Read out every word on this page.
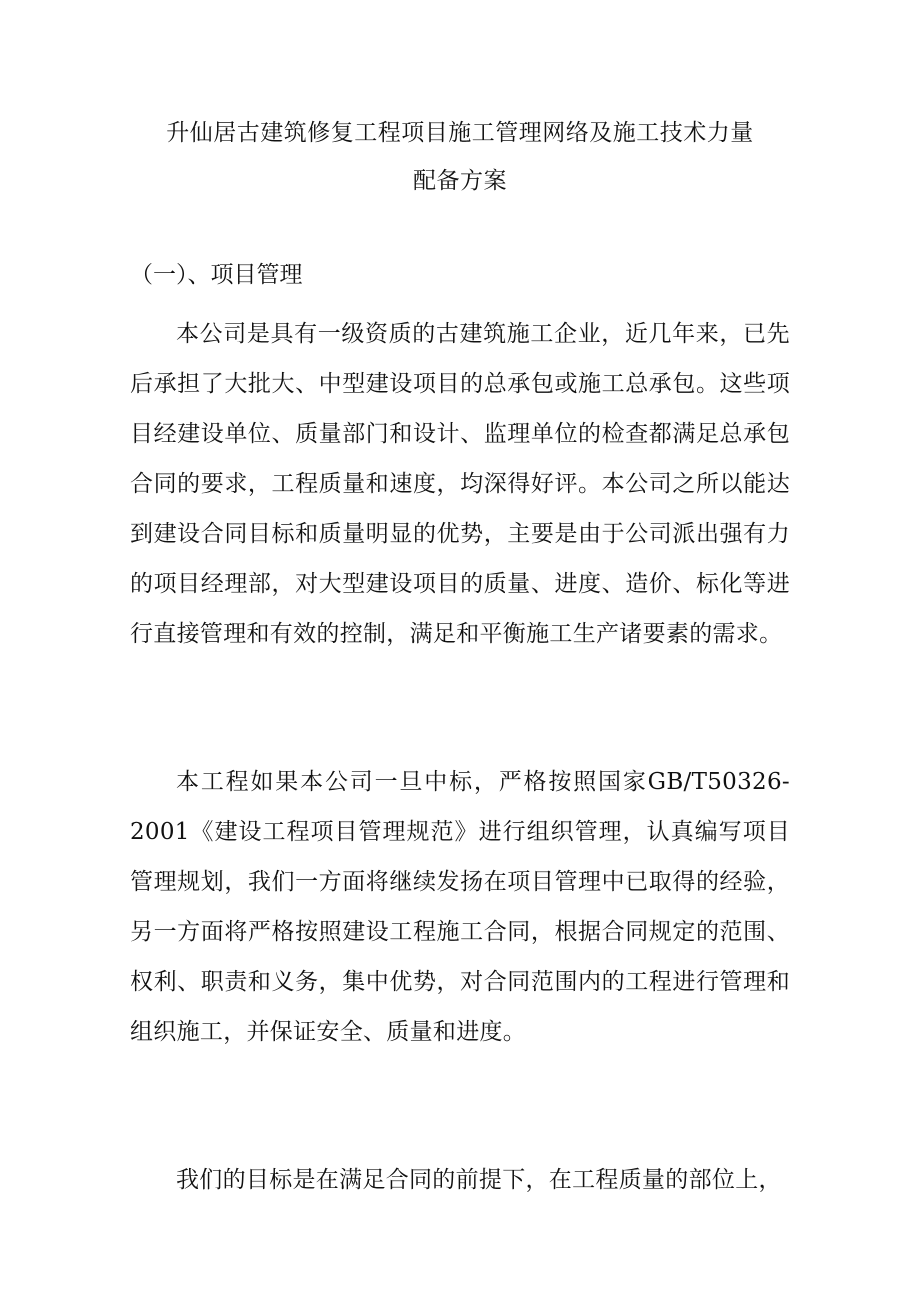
升仙居古建筑修复工程项目施工管理网络及施工技术力量
配备方案
（一）、项目管理
本公司是具有一级资质的古建筑施工企业，近几年来，已先后承担了大批大、中型建设项目的总承包或施工总承包。这些项目经建设单位、质量部门和设计、监理单位的检查都满足总承包合同的要求，工程质量和速度，均深得好评。本公司之所以能达到建设合同目标和质量明显的优势，主要是由于公司派出强有力的项目经理部，对大型建设项目的质量、进度、造价、标化等进行直接管理和有效的控制，满足和平衡施工生产诸要素的需求。
本工程如果本公司一旦中标，严格按照国家GB/T50326-2001《建设工程项目管理规范》进行组织管理，认真编写项目管理规划，我们一方面将继续发扬在项目管理中已取得的经验，另一方面将严格按照建设工程施工合同，根据合同规定的范围、权利、职责和义务，集中优势，对合同范围内的工程进行管理和组织施工，并保证安全、质量和进度。
我们的目标是在满足合同的前提下，在工程质量的部位上，
